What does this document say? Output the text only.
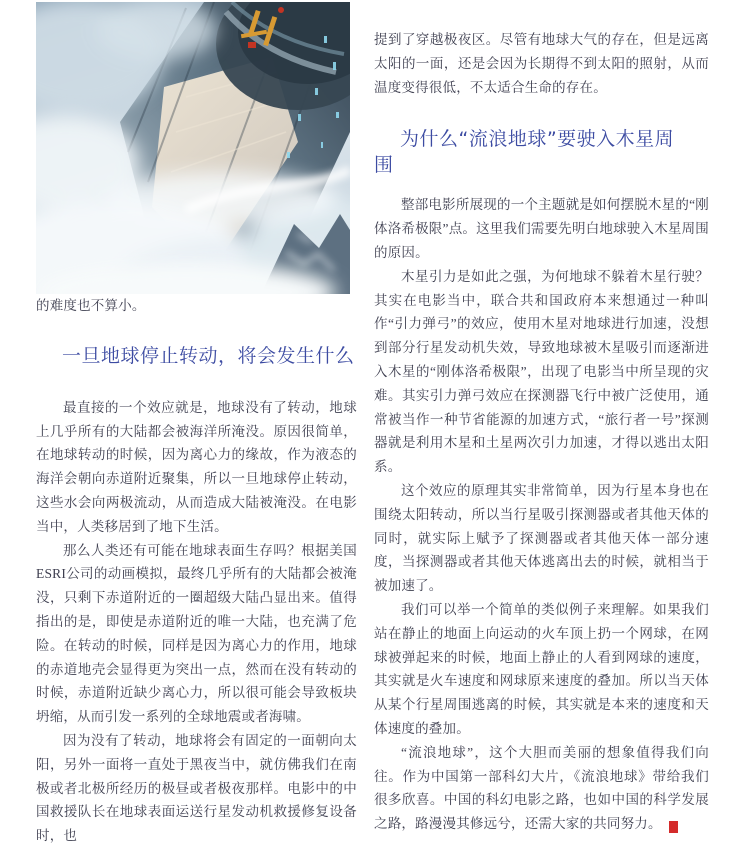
的难度也不算小。

一旦地球停止转动，将会发生什么

最直接的一个效应就是，地球没有了转动，地球上几乎所有的大陆都会被海洋所淹没。原因很简单，在地球转动的时候，因为离心力的缘故，作为液态的海洋会朝向赤道附近聚集，所以一旦地球停止转动，这些水会向两极流动，从而造成大陆被淹没。在电影当中，人类移居到了地下生活。

那么人类还有可能在地球表面生存吗？根据美国ESRI公司的动画模拟，最终几乎所有的大陆都会被淹没，只剩下赤道附近的一圈超级大陆凸显出来。值得指出的是，即使是赤道附近的唯一大陆，也充满了危险。在转动的时候，同样是因为离心力的作用，地球的赤道地壳会显得更为突出一点，然而在没有转动的时候，赤道附近缺少离心力，所以很可能会导致板块坍缩，从而引发一系列的全球地震或者海啸。

因为没有了转动，地球将会有固定的一面朝向太阳，另外一面将一直处于黑夜当中，就仿佛我们在南极或者北极所经历的极昼或者极夜那样。电影中的中国救援队长在地球表面运送行星发动机救援修复设备时，也

提到了穿越极夜区。尽管有地球大气的存在，但是远离太阳的一面，还是会因为长期得不到太阳的照射，从而温度变得很低，不太适合生命的存在。

为什么“流浪地球”要驶入木星周围

整部电影所展现的一个主题就是如何摆脱木星的“刚体洛希极限”点。这里我们需要先明白地球驶入木星周围的原因。

木星引力是如此之强，为何地球不躲着木星行驶？其实在电影当中，联合共和国政府本来想通过一种叫作“引力弹弓”的效应，使用木星对地球进行加速，没想到部分行星发动机失效，导致地球被木星吸引而逐渐进入木星的“刚体洛希极限”，出现了电影当中所呈现的灾难。其实引力弹弓效应在探测器飞行中被广泛使用，通常被当作一种节省能源的加速方式，“旅行者一号”探测器就是利用木星和土星两次引力加速，才得以逃出太阳系。

这个效应的原理其实非常简单，因为行星本身也在围绕太阳转动，所以当行星吸引探测器或者其他天体的同时，就实际上赋予了探测器或者其他天体一部分速度，当探测器或者其他天体逃离出去的时候，就相当于被加速了。

我们可以举一个简单的类似例子来理解。如果我们站在静止的地面上向运动的火车顶上扔一个网球，在网球被弹起来的时候，地面上静止的人看到网球的速度，其实就是火车速度和网球原来速度的叠加。所以当天体从某个行星周围逃离的时候，其实就是本来的速度和天体速度的叠加。

“流浪地球”，这个大胆而美丽的想象值得我们向往。作为中国第一部科幻大片，《流浪地球》带给我们很多欣喜。中国的科幻电影之路，也如中国的科学发展之路，路漫漫其修远兮，还需大家的共同努力。	s
